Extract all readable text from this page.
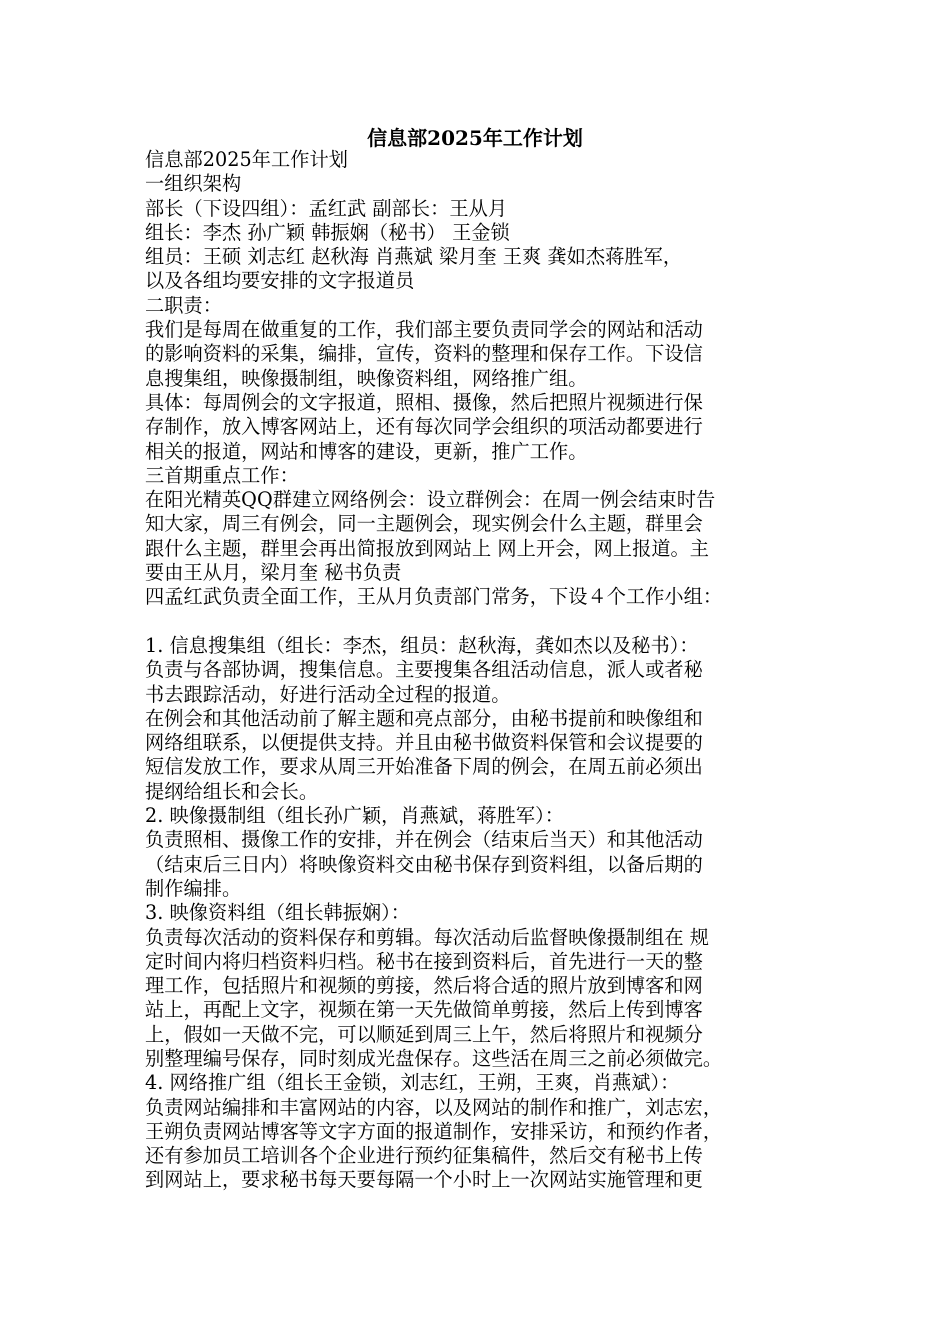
信息部2025年工作计划

信息部2025年工作计划

一组织架构

部长（下设四组）：孟红武 副部长：王从月

组长：李杰 孙广颖 韩振娴（秘书） 王金锁

组员：王硕 刘志红 赵秋海 肖燕斌 梁月奎 王爽 龚如杰蒋胜军，

以及各组均要安排的文字报道员

二职责：

我们是每周在做重复的工作，我们部主要负责同学会的网站和活动

的影响资料的采集，编排，宣传，资料的整理和保存工作。下设信

息搜集组，映像摄制组，映像资料组，网络推广组。

具体：每周例会的文字报道，照相、摄像，然后把照片视频进行保

存制作，放入博客网站上，还有每次同学会组织的项活动都要进行

相关的报道，网站和博客的建设，更新，推广工作。

三首期重点工作：

在阳光精英QQ群建立网络例会：设立群例会：在周一例会结束时告

知大家，周三有例会，同一主题例会，现实例会什么主题，群里会

跟什么主题，群里会再出简报放到网站上 网上开会，网上报道。主

要由王从月，梁月奎 秘书负责

四孟红武负责全面工作，王从月负责部门常务，下设４个工作小组：

1. 信息搜集组（组长：李杰，组员：赵秋海，龚如杰以及秘书）：

负责与各部协调，搜集信息。主要搜集各组活动信息，派人或者秘

书去跟踪活动，好进行活动全过程的报道。

在例会和其他活动前了解主题和亮点部分，由秘书提前和映像组和

网络组联系，以便提供支持。并且由秘书做资料保管和会议提要的

短信发放工作，要求从周三开始准备下周的例会，在周五前必须出

提纲给组长和会长。

2. 映像摄制组（组长孙广颖，肖燕斌，蒋胜军）：

负责照相、摄像工作的安排，并在例会（结束后当天）和其他活动

（结束后三日内）将映像资料交由秘书保存到资料组，以备后期的

制作编排。

3. 映像资料组（组长韩振娴）：

负责每次活动的资料保存和剪辑。每次活动后监督映像摄制组在 规

定时间内将归档资料归档。秘书在接到资料后，首先进行一天的整

理工作，包括照片和视频的剪接，然后将合适的照片放到博客和网

站上，再配上文字，视频在第一天先做简单剪接，然后上传到博客

上，假如一天做不完，可以顺延到周三上午，然后将照片和视频分

别整理编号保存，同时刻成光盘保存。这些活在周三之前必须做完。

4. 网络推广组（组长王金锁，刘志红，王朔，王爽，肖燕斌）：

负责网站编排和丰富网站的内容，以及网站的制作和推广，刘志宏，

王朔负责网站博客等文字方面的报道制作，安排采访，和预约作者，

还有参加员工培训各个企业进行预约征集稿件，然后交有秘书上传

到网站上，要求秘书每天要每隔一个小时上一次网站实施管理和更
